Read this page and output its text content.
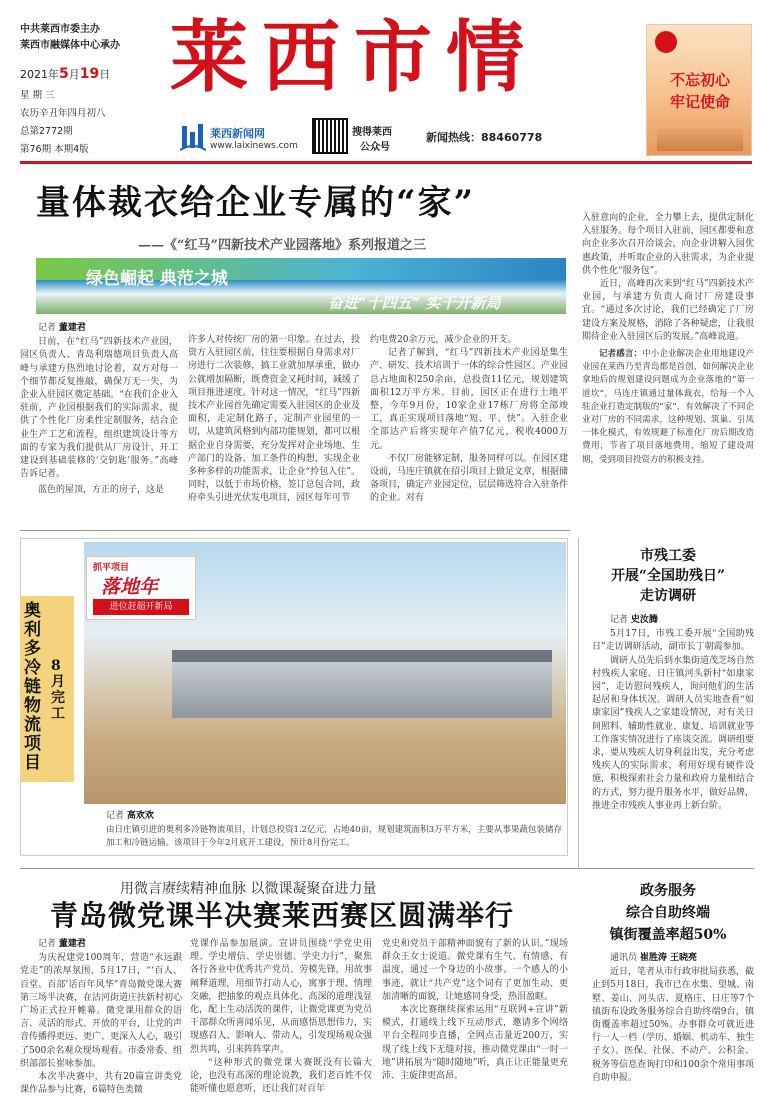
中共莱西市委主办
莱西市融媒体中心承办
2021年5月19日
星 期 三
农历辛丑年四月初八
总第2772期
第76期 本期4版
莱西市情
莱西新闻网
www.laixinews.com
搜得莱西
公众号
新闻热线：88460778
不忘初心
牢记使命
量体裁衣给企业专属的“家”
——《“红马”四新技术产业园落地》系列报道之三
绿色崛起 典范之城
奋进“十四五” 实干开新局
记者 董建君

日前，在“红马”四新技术产业园，园区负责人、青岛利瑞德项目负责人高峰与承建方热烈地讨论着，双方对每一个细节都反复推敲，确保万无一失，为企业入驻园区奠定基础。“在我们企业入驻前，产业园根据我们的实际需求，提供了个性化厂房柔性定制服务，结合企业生产工艺和流程，组织建筑设计等方面的专家为我们提供从厂房设计、开工建设到基础装修的‘交钥匙’服务。”高峰告诉记者。

蓝色的屋顶，方正的房子，这是

许多人对传统厂房的第一印象。在过去，投资方入驻园区前，往往要根据自身需求对厂房进行二次装修，搞工业就加厚承重，做办公就增加隔断，既费资金又耗时间，减缓了项目推进速度。针对这一情况，“红马”四新技术产业园首先确定需要入驻园区的企业及面积，走定制化路子，定制产业园里的一切，从建筑风格到内部功能规划，都可以根据企业自身需要，充分发挥对企业场地、生产部门的设备、加工条件的构想，实现企业多种多样的功能需求，让企业“拎包入住”。同时，以低于市场价格，签订总包合同，政府牵头引进光伏发电项目，园区每年可节

约电费20余万元，减少企业的开支。

记者了解到，“红马”四新技术产业园是集生产、研发、技术培训于一体的综合性园区。产业园总占地面积250余亩，总投资11亿元，规划建筑面积12万平方米。目前，园区正在进行土地平整，今年9月份，10家企业17栋厂房将全部竣工，真正实现项目落地“短、平、快”。入驻企业全部达产后将实现年产值7亿元，税收4000万元。

不仅厂房能够定制，服务同样可以。在园区建设前，马连庄镇就在招引项目上做足文章，根据储备项目，确定产业园定位，层层筛选符合入驻条件的企业。对有

入驻意向的企业，全力攀上去，提供定制化入驻服务。每个项目入驻前，园区都要和意向企业多次召开洽谈会，向企业讲解入园优惠政策，并听取企业的入驻需求，为企业提供个性化“服务包”。

近日，高峰再次来到“红马”四新技术产业园，与承建方负责人商讨厂房建设事宜。“通过多次讨论，我们已经确定了厂房建设方案及规格，消除了各种疑虑，让我很期待企业入驻园区后的发展。”高峰说道。

记者感言：中小企业解决企业用地建设产业园在莱西乃至青岛都是首创，如何解决企业拿地后的规划建设问题成为企业落地的“第一道坎”。马连庄镇通过量体裁衣，给每一个入驻企业打造定制版的“家”，有效解决了不同企业对厂房的不同需求，这种规划、筑巢、引凤一体化模式，有效规避了标准化厂房后期改造费用，节省了项目落地费用，缩短了建设周期，受到项目投资方的积极支持。

抓平项目
落地年
进位赶超开新局
奥利多冷链物流项目
8月完工
记者 高欢欢

由日庄镇引进的奥利多冷链物流项目，计划总投资1.2亿元，占地40亩，规划建筑面积3万平方米，主要从事果蔬包装储存加工和冷链运输。该项目于今年2月底开工建设，预计8月份完工。

市残工委
开展“全国助残日”
走访调研
记者 史汝腾

5月17日，市残工委开展“全国助残日”走访调研活动，副市长丁朝霞参加。

调研人员先后到水集街道茂芝场自然村残疾人家庭、日庄镇河头新村“如康家园”，走访慰问残疾人，询问他们的生活起居和身体状况。调研人员实地查看“如康家园”残疾人之家建设情况，对有关日间照料、辅助性就业、康复、培训就业等工作落实情况进行了座谈交流。调研组要求，要从残疾人切身利益出发，充分考虑残疾人的实际需求，利用好现有硬件设施，积极探索社会力量和政府力量相结合的方式，努力提升服务水平，做好品牌，推进全市残疾人事业再上新台阶。

政务服务
综合自助终端
镇街覆盖率超50%
通讯员 崔胜涛 王晓亮

近日，笔者从市行政审批局获悉，截止到5月18日，我市已在水集、望城、南墅、姜山、河头店、夏格庄、日庄等7个镇街布设政务服务综合自助终端9台，镇街覆盖率超过50%。办事群众可就近进行一人一档（学历、婚姻、机动车、独生子女）、医保、社保、不动产、公积金、税务等信息查询打印和100余个常用事项自助申报。

用微言赓续精神血脉 以微课凝聚奋进力量
青岛微党课半决赛莱西赛区圆满举行
记者 董建君

为庆祝建党100周年，营造“永远跟党走”的浓厚氛围，5月17日，“‘百人、百堂、百部’话百年风华”青岛微党课大赛第三场半决赛，在沽河街道庄扶新村初心广场正式拉开帷幕。微党课用群众的语言、灵活的形式、开放的平台，让党的声音传播得更远、更广、更深入人心，吸引了500余名观众现场观看。市委常委、组织部部长崔咏参加。

本次半决赛中，共有20篇宣讲类党课作品参与比赛，6篇特色类微

党课作品参加展演。宣讲员围绕“学党史用理、学史增信、学史崇德、学史力行”，聚焦各行各业中优秀共产党员、劳模先锋，用故事阐释道理，用细节打动人心，寓事于理、情理交融，把抽象的观点具体化、高深的道理浅显化，配上生动活泼的课件，让微党课更为党员干部群众所喜闻乐见，从而感悟思想伟力，实现感召人、影响人、带动人，引发现场观众强烈共鸣，引来阵阵掌声。

“这种形式的微党课大赛既没有长篇大论，也没有高深的理论说教，我们老百姓不仅能听懂也愿意听，还让我们对百年

党史和党员干部精神面貌有了新的认识。”现场群众王女士说道。微党课有生气、有情感、有温度，通过一个身边的小故事、一个感人的小事迹，就让“共产党”这个词有了更加生动、更加清晰的面貌，让她感同身受，热泪盈眶。

本次比赛继续探索运用“互联网+宣讲”新模式，打通线上线下互动形式，邀请多个网络平台全程同步直播，全网点击量近200万，实现了线上线下无缝对接，推动微党课由“一时一地”讲拓展为“随时随地”听，真正让正能量更充沛、主旋律更高昂。
